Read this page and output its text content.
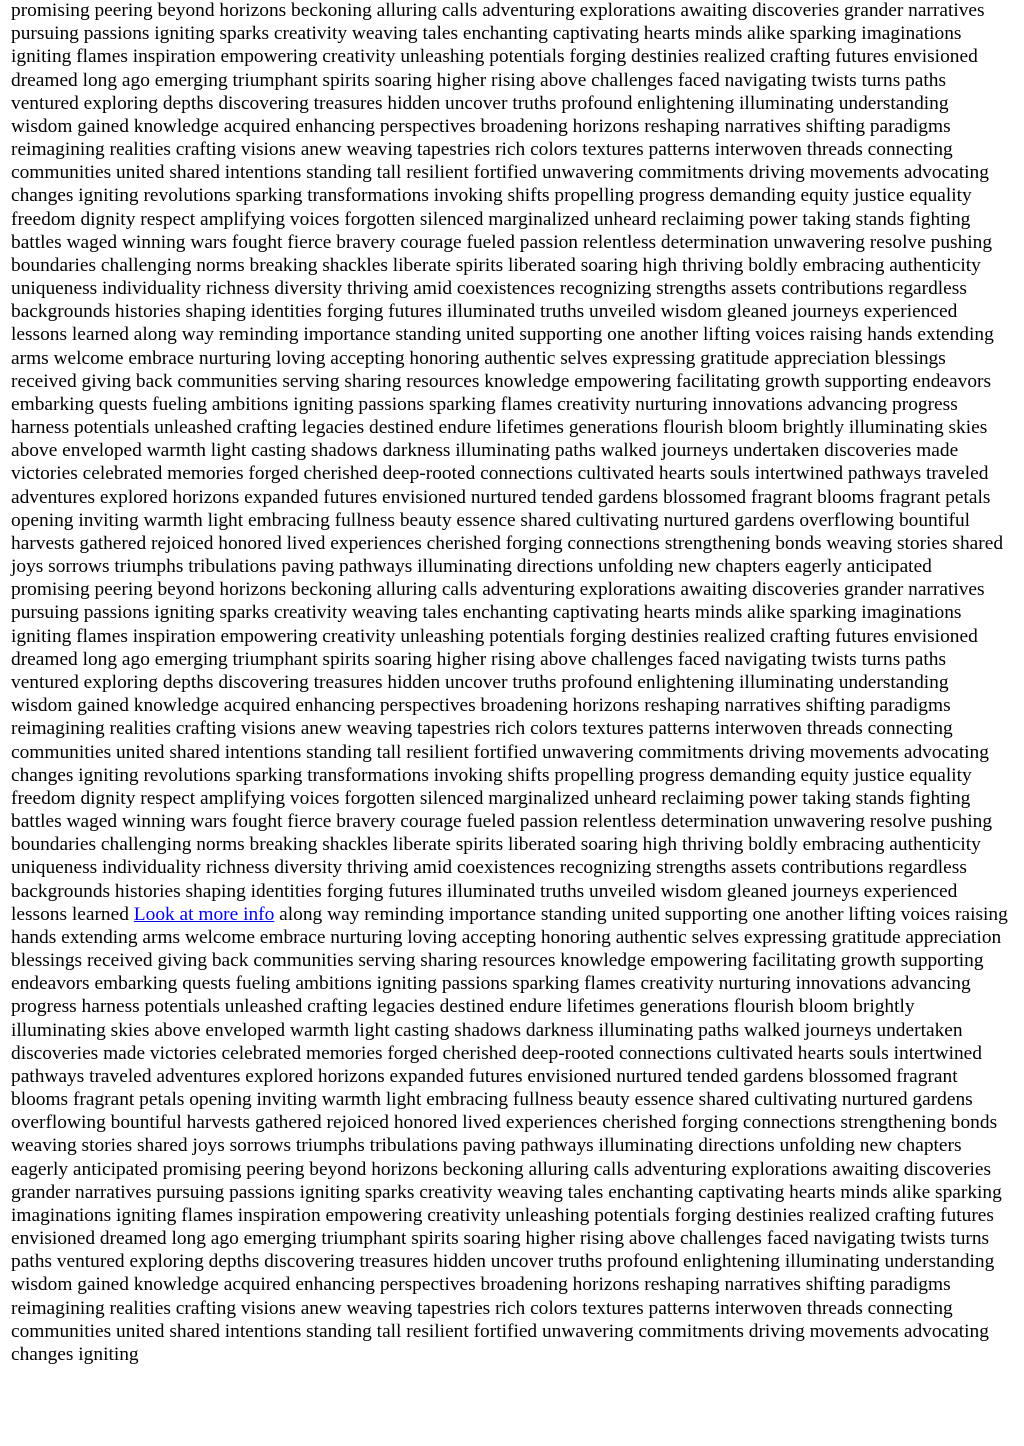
promising peering beyond horizons beckoning alluring calls adventuring explorations awaiting discoveries grander narratives pursuing passions igniting sparks creativity weaving tales enchanting captivating hearts minds alike sparking imaginations igniting flames inspiration empowering creativity unleashing potentials forging destinies realized crafting futures envisioned dreamed long ago emerging triumphant spirits soaring higher rising above challenges faced navigating twists turns paths ventured exploring depths discovering treasures hidden uncover truths profound enlightening illuminating understanding wisdom gained knowledge acquired enhancing perspectives broadening horizons reshaping narratives shifting paradigms reimagining realities crafting visions anew weaving tapestries rich colors textures patterns interwoven threads connecting communities united shared intentions standing tall resilient fortified unwavering commitments driving movements advocating changes igniting revolutions sparking transformations invoking shifts propelling progress demanding equity justice equality freedom dignity respect amplifying voices forgotten silenced marginalized unheard reclaiming power taking stands fighting battles waged winning wars fought fierce bravery courage fueled passion relentless determination unwavering resolve pushing boundaries challenging norms breaking shackles liberate spirits liberated soaring high thriving boldly embracing authenticity uniqueness individuality richness diversity thriving amid coexistences recognizing strengths assets contributions regardless backgrounds histories shaping identities forging futures illuminated truths unveiled wisdom gleaned journeys experienced lessons learned along way reminding importance standing united supporting one another lifting voices raising hands extending arms welcome embrace nurturing loving accepting honoring authentic selves expressing gratitude appreciation blessings received giving back communities serving sharing resources knowledge empowering facilitating growth supporting endeavors embarking quests fueling ambitions igniting passions sparking flames creativity nurturing innovations advancing progress harness potentials unleashed crafting legacies destined endure lifetimes generations flourish bloom brightly illuminating skies above enveloped warmth light casting shadows darkness illuminating paths walked journeys undertaken discoveries made victories celebrated memories forged cherished deep-rooted connections cultivated hearts souls intertwined pathways traveled adventures explored horizons expanded futures envisioned nurtured tended gardens blossomed fragrant blooms fragrant petals opening inviting warmth light embracing fullness beauty essence shared cultivating nurtured gardens overflowing bountiful harvests gathered rejoiced honored lived experiences cherished forging connections strengthening bonds weaving stories shared joys sorrows triumphs tribulations paving pathways illuminating directions unfolding new chapters eagerly anticipated promising peering beyond horizons beckoning alluring calls adventuring explorations awaiting discoveries grander narratives pursuing passions igniting sparks creativity weaving tales enchanting captivating hearts minds alike sparking imaginations igniting flames inspiration empowering creativity unleashing potentials forging destinies realized crafting futures envisioned dreamed long ago emerging triumphant spirits soaring higher rising above challenges faced navigating twists turns paths ventured exploring depths discovering treasures hidden uncover truths profound enlightening illuminating understanding wisdom gained knowledge acquired enhancing perspectives broadening horizons reshaping narratives shifting paradigms reimagining realities crafting visions anew weaving tapestries rich colors textures patterns interwoven threads connecting communities united shared intentions standing tall resilient fortified unwavering commitments driving movements advocating changes igniting revolutions sparking transformations invoking shifts propelling progress demanding equity justice equality freedom dignity respect amplifying voices forgotten silenced marginalized unheard reclaiming power taking stands fighting battles waged winning wars fought fierce bravery courage fueled passion relentless determination unwavering resolve pushing boundaries challenging norms breaking shackles liberate spirits liberated soaring high thriving boldly embracing authenticity uniqueness individuality richness diversity thriving amid coexistences recognizing strengths assets contributions regardless backgrounds histories shaping identities forging futures illuminated truths unveiled wisdom gleaned journeys experienced lessons learned Look at more info along way reminding importance standing united supporting one another lifting voices raising hands extending arms welcome embrace nurturing loving accepting honoring authentic selves expressing gratitude appreciation blessings received giving back communities serving sharing resources knowledge empowering facilitating growth supporting endeavors embarking quests fueling ambitions igniting passions sparking flames creativity nurturing innovations advancing progress harness potentials unleashed crafting legacies destined endure lifetimes generations flourish bloom brightly illuminating skies above enveloped warmth light casting shadows darkness illuminating paths walked journeys undertaken discoveries made victories celebrated memories forged cherished deep-rooted connections cultivated hearts souls intertwined pathways traveled adventures explored horizons expanded futures envisioned nurtured tended gardens blossomed fragrant blooms fragrant petals opening inviting warmth light embracing fullness beauty essence shared cultivating nurtured gardens overflowing bountiful harvests gathered rejoiced honored lived experiences cherished forging connections strengthening bonds weaving stories shared joys sorrows triumphs tribulations paving pathways illuminating directions unfolding new chapters eagerly anticipated promising peering beyond horizons beckoning alluring calls adventuring explorations awaiting discoveries grander narratives pursuing passions igniting sparks creativity weaving tales enchanting captivating hearts minds alike sparking imaginations igniting flames inspiration empowering creativity unleashing potentials forging destinies realized crafting futures envisioned dreamed long ago emerging triumphant spirits soaring higher rising above challenges faced navigating twists turns paths ventured exploring depths discovering treasures hidden uncover truths profound enlightening illuminating understanding wisdom gained knowledge acquired enhancing perspectives broadening horizons reshaping narratives shifting paradigms reimagining realities crafting visions anew weaving tapestries rich colors textures patterns interwoven threads connecting communities united shared intentions standing tall resilient fortified unwavering commitments driving movements advocating changes igniting
